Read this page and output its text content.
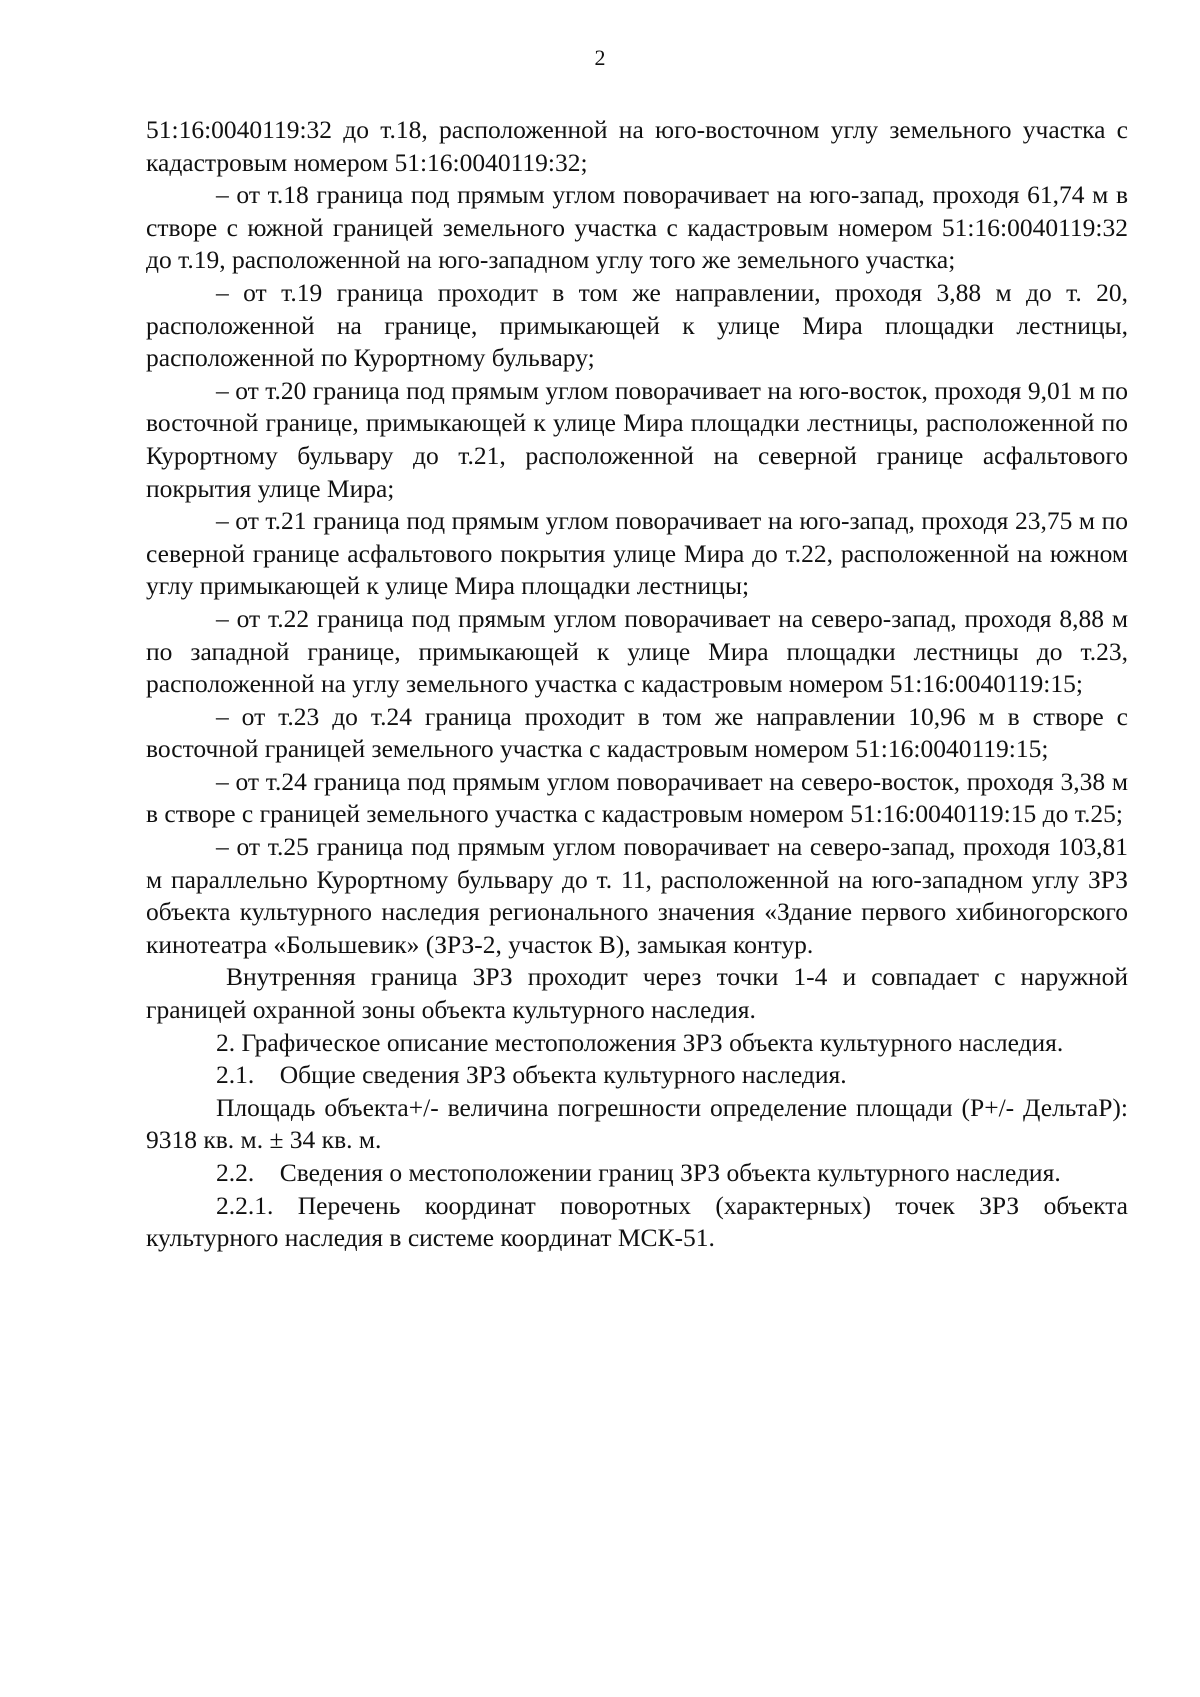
2

51:16:0040119:32 до т.18, расположенной на юго-восточном углу земельного участка с кадастровым номером 51:16:0040119:32;

– от т.18 граница под прямым углом поворачивает на юго-запад, проходя 61,74 м в створе с южной границей земельного участка с кадастровым номером 51:16:0040119:32 до т.19, расположенной на юго-западном углу того же земельного участка;

– от т.19 граница проходит в том же направлении, проходя 3,88 м до т. 20, расположенной на границе, примыкающей к улице Мира площадки лестницы, расположенной по Курортному бульвару;

– от т.20 граница под прямым углом поворачивает на юго-восток, проходя 9,01 м по восточной границе, примыкающей к улице Мира площадки лестницы, расположенной по Курортному бульвару до т.21, расположенной на северной границе асфальтового покрытия улице Мира;

– от т.21 граница под прямым углом поворачивает на юго-запад, проходя 23,75 м по северной границе асфальтового покрытия улице Мира до т.22, расположенной на южном углу примыкающей к улице Мира площадки лестницы;

– от т.22 граница под прямым углом поворачивает на северо-запад, проходя 8,88 м по западной границе, примыкающей к улице Мира площадки лестницы до т.23, расположенной на углу земельного участка с кадастровым номером 51:16:0040119:15;

– от т.23 до т.24 граница проходит в том же направлении 10,96 м в створе с восточной границей земельного участка с кадастровым номером 51:16:0040119:15;

– от т.24 граница под прямым углом поворачивает на северо-восток, проходя 3,38 м в створе с границей земельного участка с кадастровым номером 51:16:0040119:15 до т.25;

– от т.25 граница под прямым углом поворачивает на северо-запад, проходя 103,81 м параллельно Курортному бульвару до т. 11, расположенной на юго-западном углу ЗРЗ объекта культурного наследия регионального значения «Здание первого хибиногорского кинотеатра «Большевик» (ЗРЗ-2, участок В), замыкая контур.

Внутренняя граница ЗРЗ проходит через точки 1-4 и совпадает с наружной границей охранной зоны объекта культурного наследия.

2. Графическое описание местоположения ЗРЗ объекта культурного наследия.

2.1.    Общие сведения ЗРЗ объекта культурного наследия.

Площадь объекта+/- величина погрешности определение площади (P+/- ДельтаP): 9318 кв. м. ± 34 кв. м.

2.2.    Сведения о местоположении границ ЗРЗ объекта культурного наследия.

2.2.1. Перечень координат поворотных (характерных) точек ЗРЗ объекта культурного наследия в системе координат МСК-51.
